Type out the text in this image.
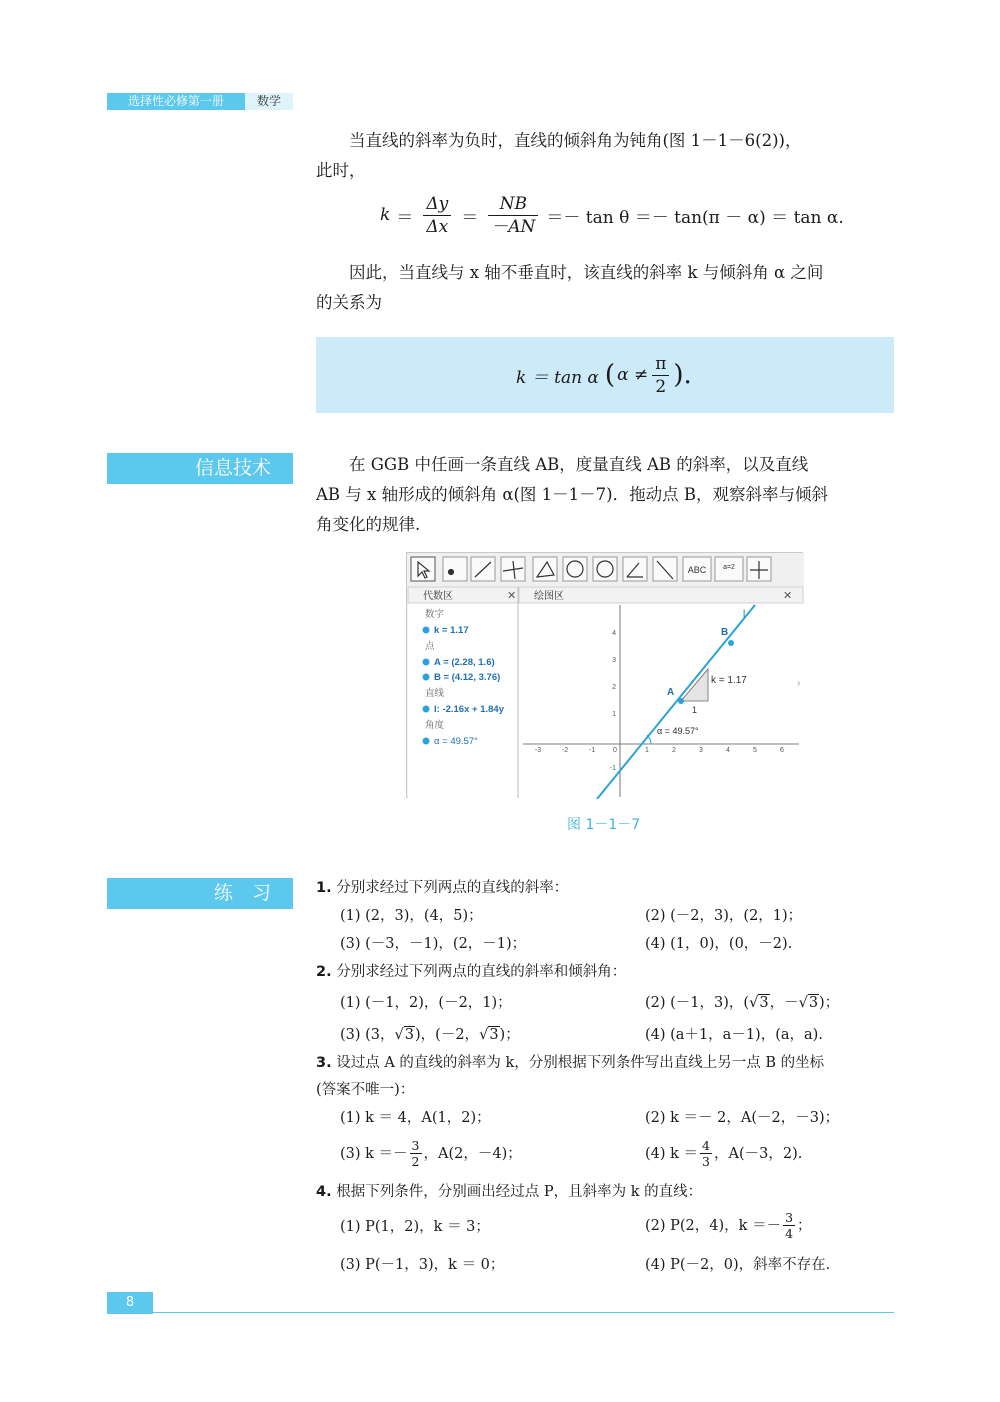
选择性必修第一册	数学
当直线的斜率为负时，直线的倾斜角为钝角(图 1－1－6(2))，
此时，
$k = \frac{\Delta y}{\Delta x} = \frac{NB}{-AN} =- \tan \theta =- \tan(\pi - \alpha) = \tan \alpha$.
因此，当直线与 x 轴不垂直时，该直线的斜率 k 与倾斜角 α 之间
的关系为
k ＝ tan α ( $\alpha \ne \frac{\pi}{2}$ ).
信息技术	在 GGB 中任画一条直线 AB，度量直线 AB 的斜率，以及直线
AB 与 x 轴形成的倾斜角 α(图 1－1－7)．拖动点 B，观察斜率与倾斜
角变化的规律.
ABC a=2
代数区	✕
数字
k = 1.17
点
A = (2.28, 1.6)
B = (4.12, 3.76)
直线
l: -2.16x + 1.84y
角度
α = 49.57°
绘图区	✕
-3	-2	-1	1	2	3	4	5	6
0
4
3
2
1
-1
A
B
l
k = 1.17
1
α = 49.57°
›
图 1－1－7
练　习	1. 分别求经过下列两点的直线的斜率：
(1) (2，3)，(4，5)；	(2) (－2，3)，(2，1)；
(3) (－3，－1)，(2，－1)；	(4) (1，0)，(0，－2).
2. 分别求经过下列两点的直线的斜率和倾斜角：
(1) (－1，2)，(－2，1)；	(2) (－1，3)，(√3，－√3)；
(3) (3，√3)，(－2，√3)；	(4) (a＋1，a－1)，(a，a).
3. 设过点 A 的直线的斜率为 k，分别根据下列条件写出直线上另一点 B 的坐标
(答案不唯一)：
(1) k ＝ 4，A(1，2)；	(2) k ＝－ 2，A(－2，－3)；
(3) $k =- \frac{3}{2}$ ，A(2，－4)；	(4) $k = \frac{4}{3}$ ，A(－3，2).
4. 根据下列条件，分别画出经过点 P，且斜率为 k 的直线：
(1) P(1，2)，k ＝ 3；	(2) P(2，4)，$k =- \frac{3}{4}$ ；
(3) P(－1，3)，k ＝ 0；	(4) P(－2，0)，斜率不存在.
8
